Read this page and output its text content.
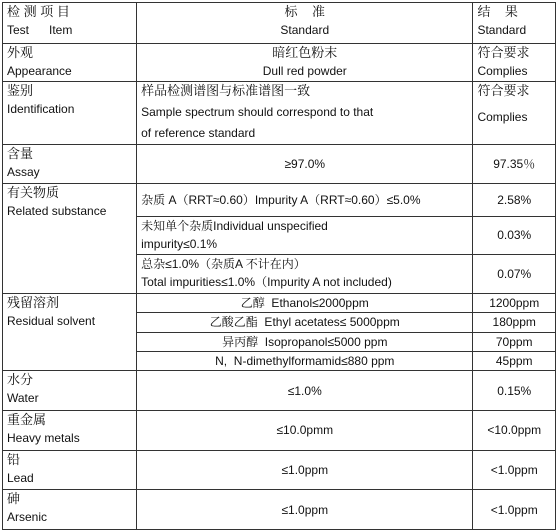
检 测 项 目
Test      Item	标    准
Standard	结    果
Standard

外观
Appearance	暗红色粉末
Dull red powder	符合要求
Complies

鉴别
Identification	样品检测谱图与标准谱图一致
Sample spectrum should correspond to that
of reference standard	符合要求
Complies

含量
Assay	≥97.0%	97.35％

有关物质
Related substance	杂质 A（RRT≈0.60）Impurity A（RRT≈0.60）≤5.0%	2.58%

	未知单个杂质Individual unspecified
impurity≤0.1%	0.03%

	总杂≤1.0%（杂质A 不计在内）
Total impurities≤1.0%（Impurity A not included)	0.07%

残留溶剂
Residual solvent	乙醇  Ethanol≤2000ppm	1200ppm
	乙酸乙酯  Ethyl acetates≤ 5000ppm	180ppm
	异丙醇  Isopropanol≤5000 ppm	70ppm
	N,  N-dimethylformamid≤880 ppm	45ppm

水分
Water	≤1.0%	0.15%

重金属
Heavy metals	≤10.0pmm	<10.0ppm

铅
Lead	≤1.0ppm	<1.0ppm

砷
Arsenic	≤1.0ppm	<1.0ppm
